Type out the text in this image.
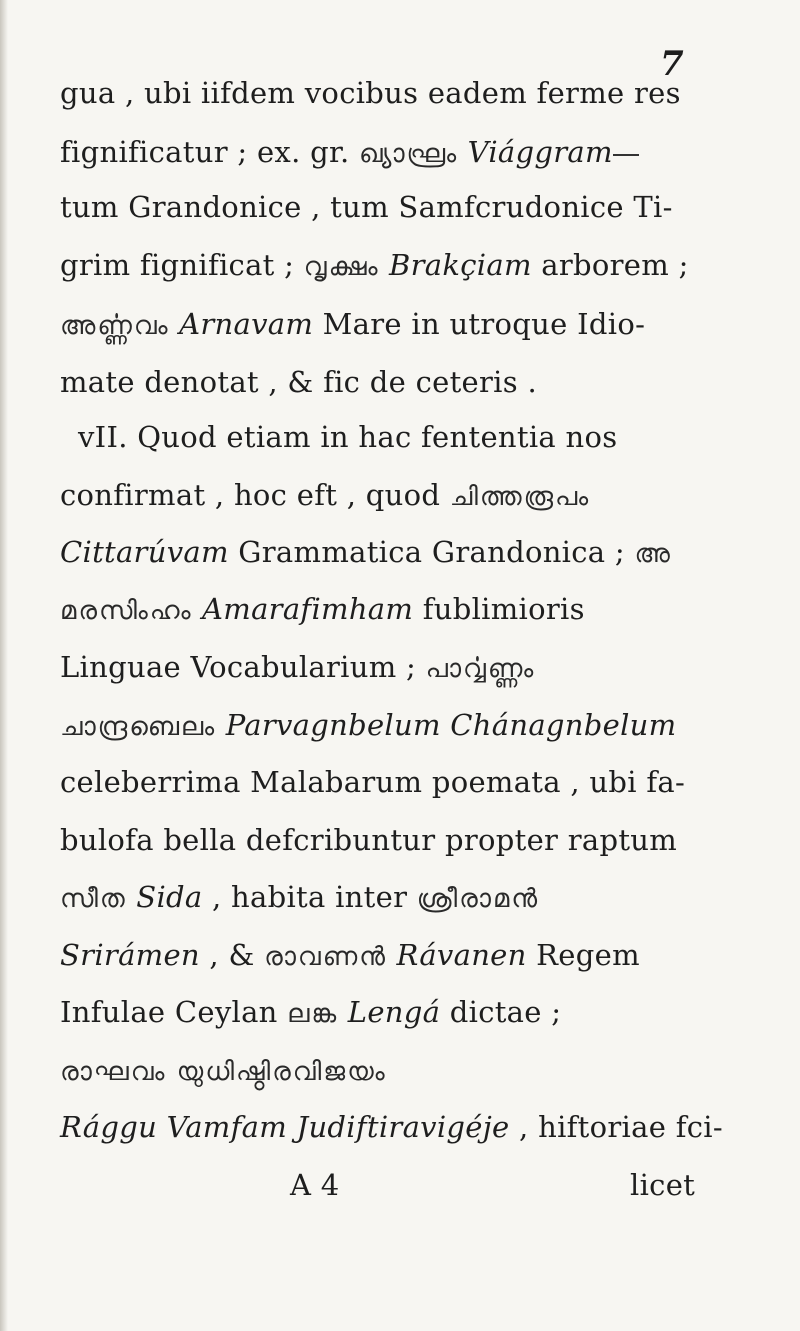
7
gua , ubi iifdem vocibus eadem ferme res
fignificatur ; ex. gr. ഖ്യാഘ്രം Viággram
tum Grandonice , tum Samfcrudonice Ti-
grim fignificat ; വൃക്ഷം Brakçiam arborem ;
അൎണ്ണവം Arnavam Mare in utroque Idio-
mate denotat , & fic de ceteris .
vII. Quod etiam in hac fententia nos
confirmat , hoc eft , quod ചിത്തരൂപം
Cittarúvam Grammatica Grandonica ; അ
മരസിംഹം Amarafimham fublimioris
Linguae Vocabularium ; പാൎവ്വണ്ണം
ചാന്ദ്രബെലം Parvagnbelum Chánagnbelum
celeberrima Malabarum poemata , ubi fa-
bulofa bella defcribuntur propter raptum
സീത Sida , habita inter ശ്രീരാമൻ
Srirámen , & രാവണൻ Rávanen Regem
Infulae Ceylan ലങ്ക Lengá dictae ;
രാഘവം യുധിഷ്ഠിരവിജയം
Rággu Vamfam Judiftiravigéje , hiftoriae fci-
A 4	licet
